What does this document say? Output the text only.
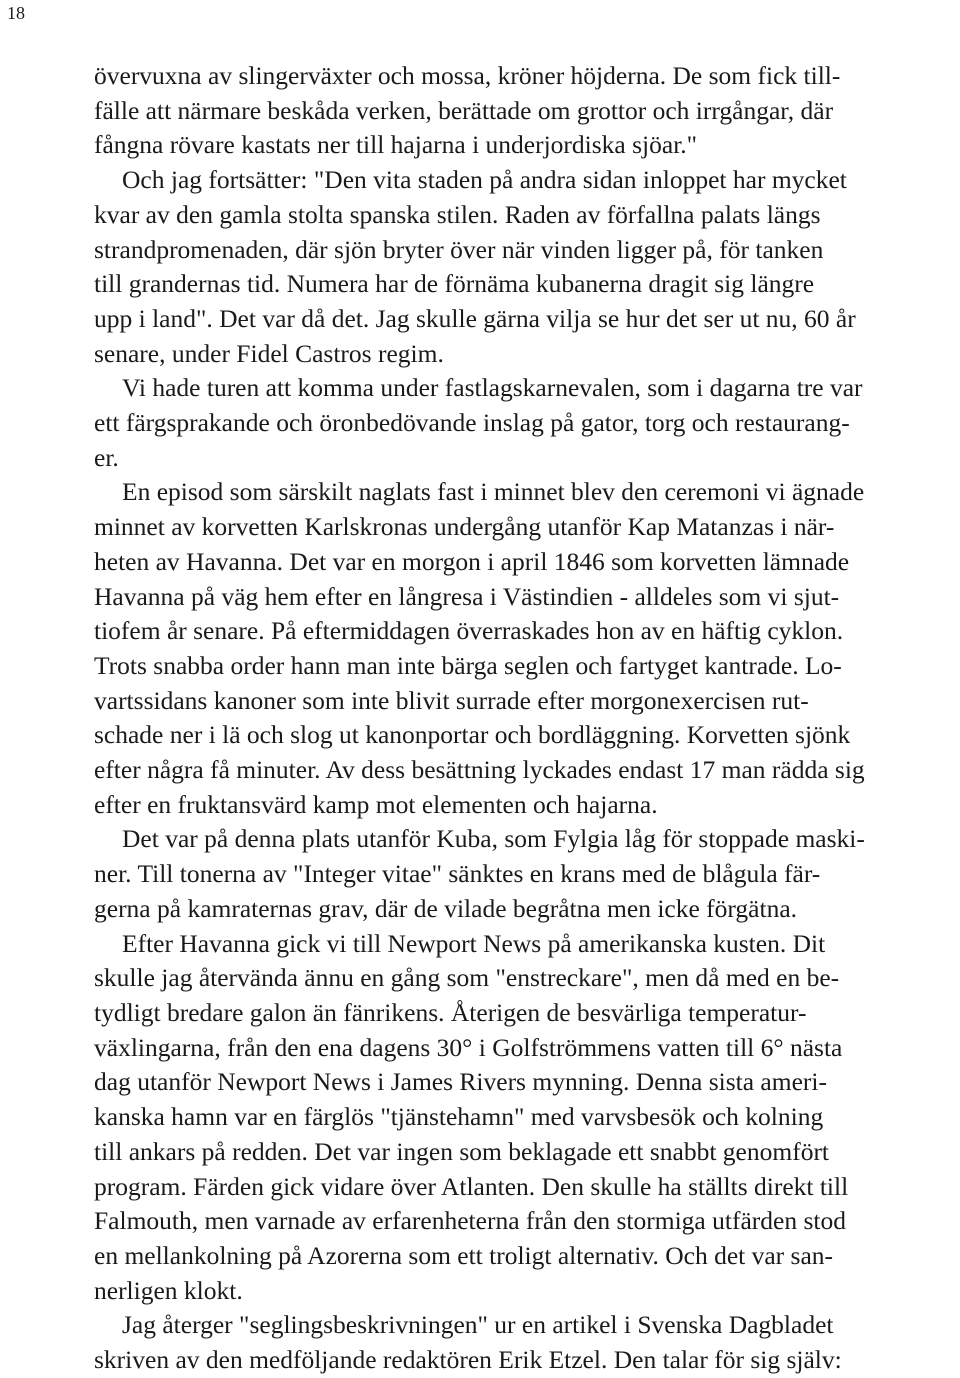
18
övervuxna av slingerväxter och mossa, kröner höjderna. De som fick till-
fälle att närmare beskåda verken, berättade om grottor och irrgångar, där
fångna rövare kastats ner till hajarna i underjordiska sjöar."
Och jag fortsätter: "Den vita staden på andra sidan inloppet har mycket
kvar av den gamla stolta spanska stilen. Raden av förfallna palats längs
strandpromenaden, där sjön bryter över när vinden ligger på, för tanken
till grandernas tid. Numera har de förnäma kubanerna dragit sig längre
upp i land". Det var då det. Jag skulle gärna vilja se hur det ser ut nu, 60 år
senare, under Fidel Castros regim.
Vi hade turen att komma under fastlagskarnevalen, som i dagarna tre var
ett färgsprakande och öronbedövande inslag på gator, torg och restaurang-
er.
En episod som särskilt naglats fast i minnet blev den ceremoni vi ägnade
minnet av korvetten Karlskronas undergång utanför Kap Matanzas i när-
heten av Havanna. Det var en morgon i april 1846 som korvetten lämnade
Havanna på väg hem efter en långresa i Västindien - alldeles som vi sjut-
tiofem år senare. På eftermiddagen överraskades hon av en häftig cyklon.
Trots snabba order hann man inte bärga seglen och fartyget kantrade. Lo-
vartssidans kanoner som inte blivit surrade efter morgonexercisen rut-
schade ner i lä och slog ut kanonportar och bordläggning. Korvetten sjönk
efter några få minuter. Av dess besättning lyckades endast 17 man rädda sig
efter en fruktansvärd kamp mot elementen och hajarna.
Det var på denna plats utanför Kuba, som Fylgia låg för stoppade maski-
ner. Till tonerna av "Integer vitae" sänktes en krans med de blågula fär-
gerna på kamraternas grav, där de vilade begråtna men icke förgätna.
Efter Havanna gick vi till Newport News på amerikanska kusten. Dit
skulle jag återvända ännu en gång som "enstreckare", men då med en be-
tydligt bredare galon än fänrikens. Återigen de besvärliga temperatur-
växlingarna, från den ena dagens 30° i Golfströmmens vatten till 6° nästa
dag utanför Newport News i James Rivers mynning. Denna sista ameri-
kanska hamn var en färglös "tjänstehamn" med varvsbesök och kolning
till ankars på redden. Det var ingen som beklagade ett snabbt genomfört
program. Färden gick vidare över Atlanten. Den skulle ha ställts direkt till
Falmouth, men varnade av erfarenheterna från den stormiga utfärden stod
en mellankolning på Azorerna som ett troligt alternativ. Och det var san-
nerligen klokt.
Jag återger "seglingsbeskrivningen" ur en artikel i Svenska Dagbladet
skriven av den medföljande redaktören Erik Etzel. Den talar för sig själv:
